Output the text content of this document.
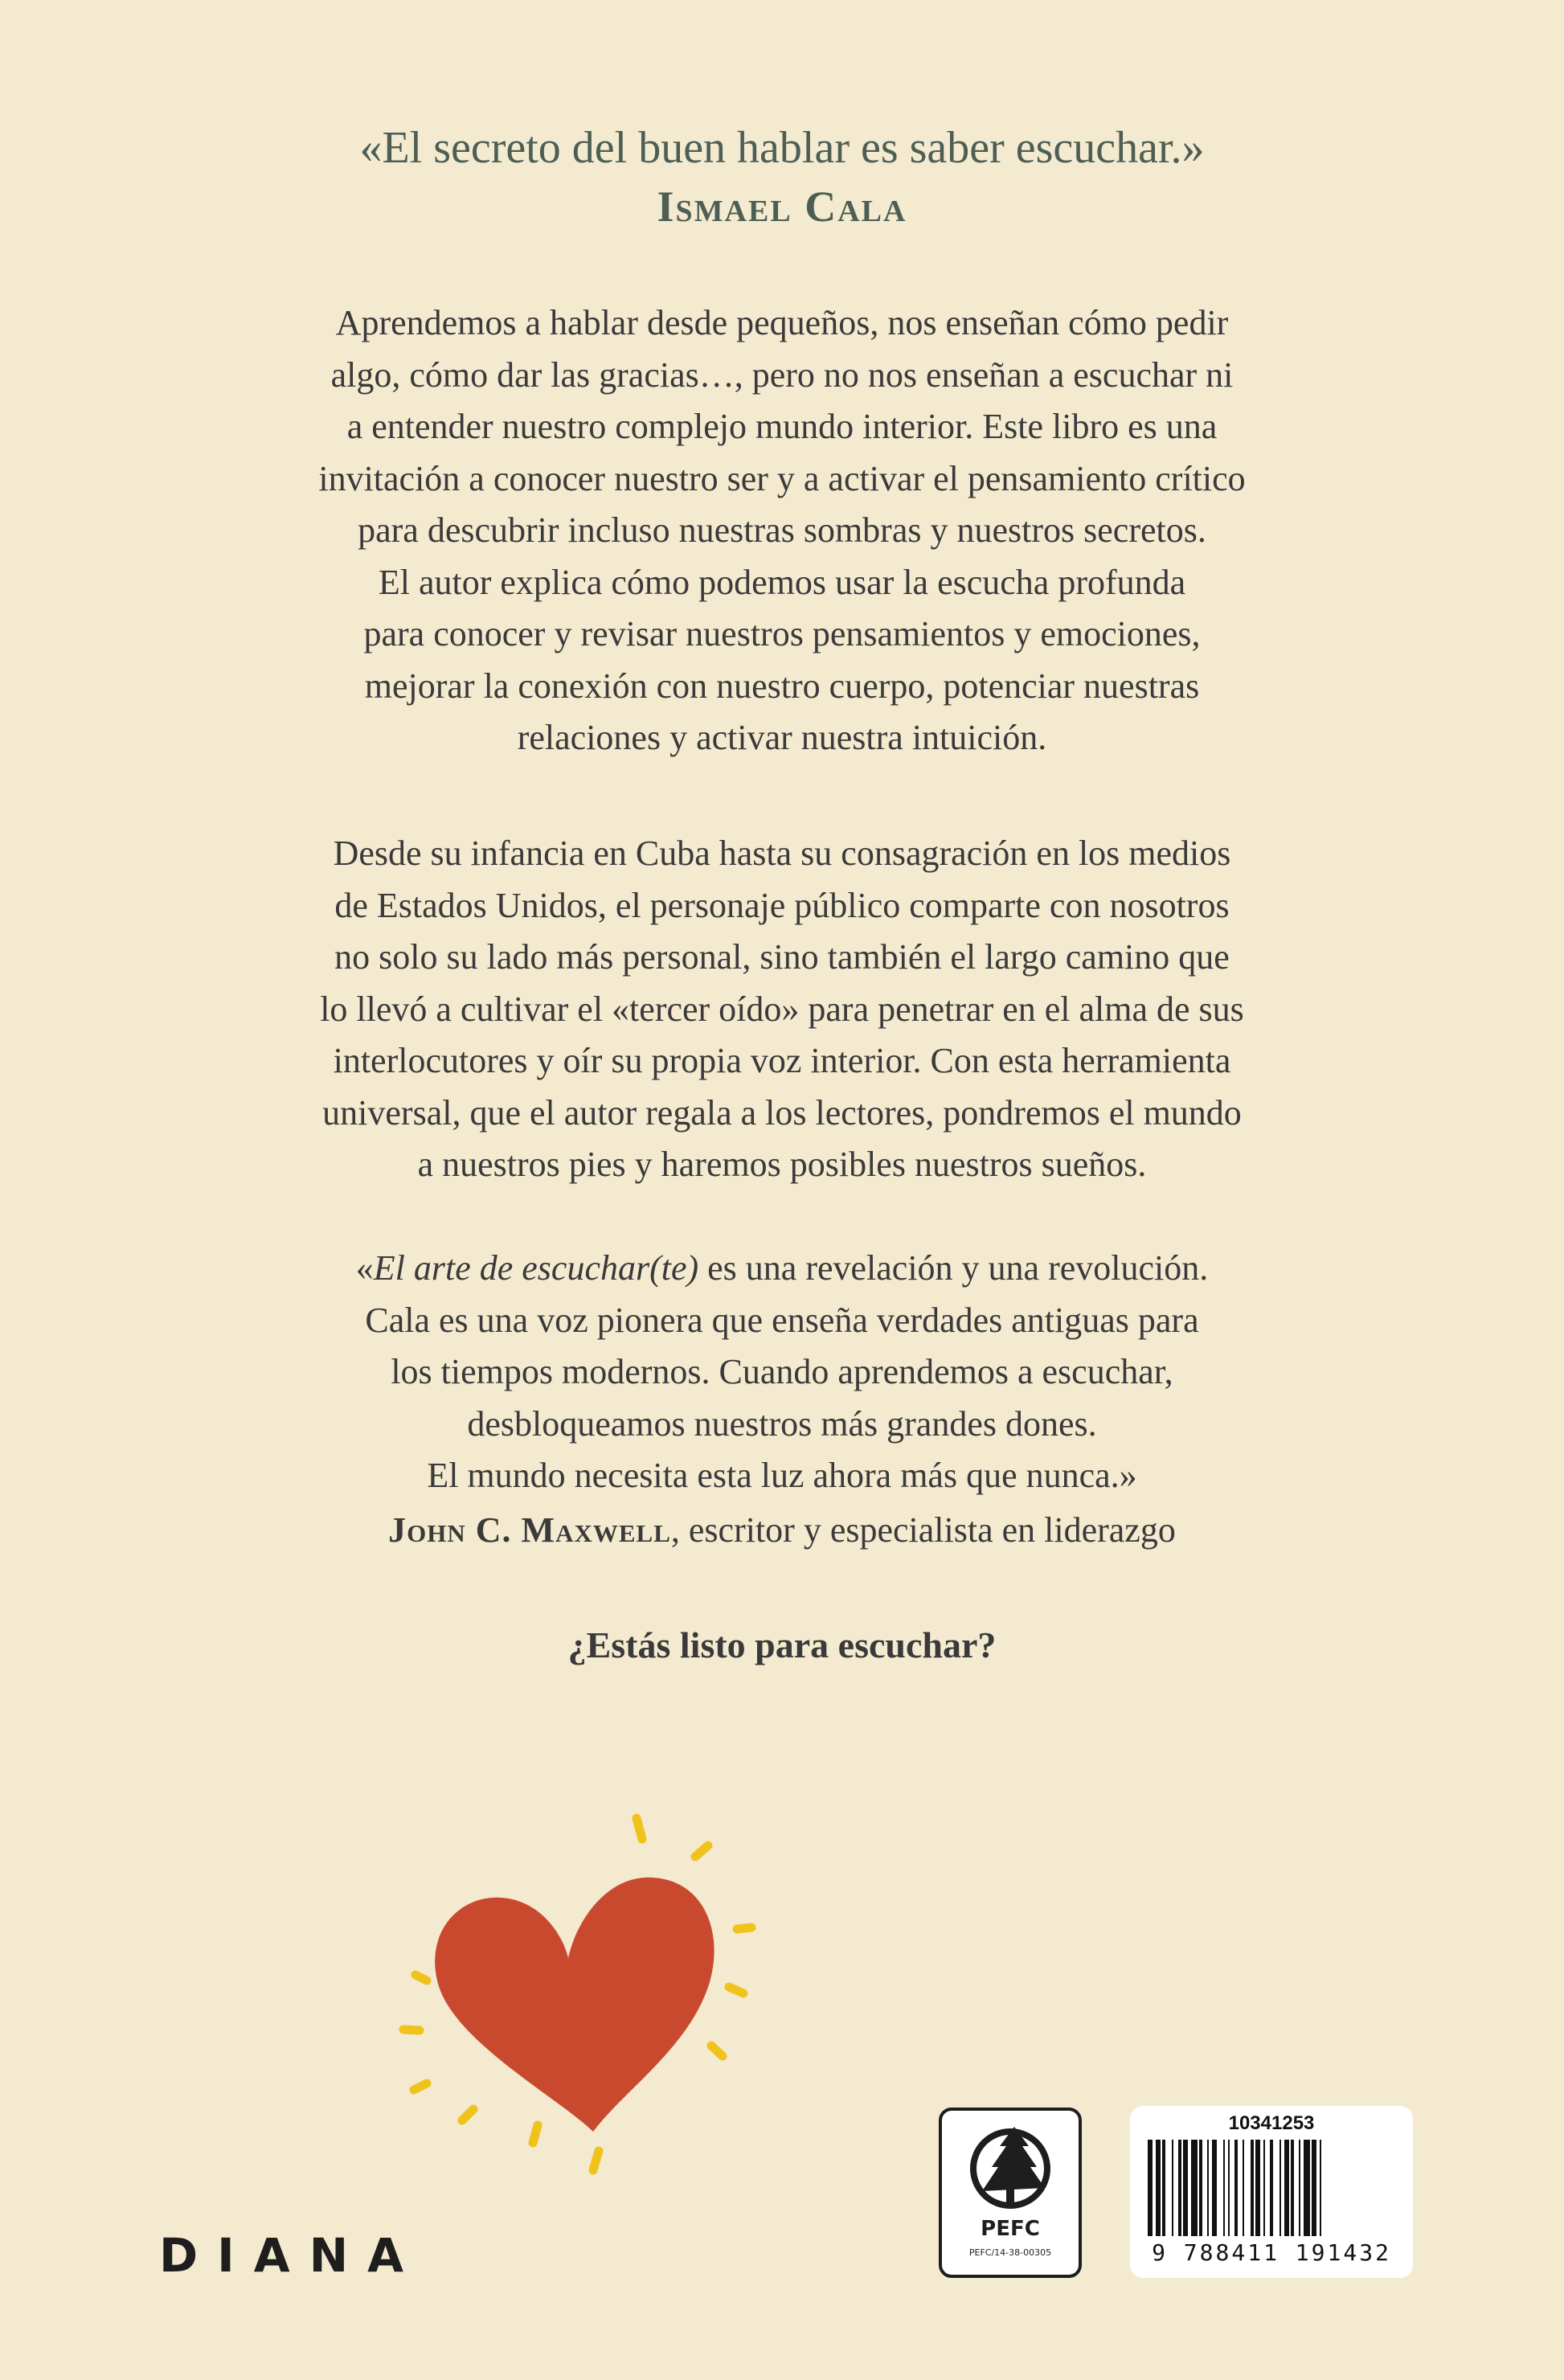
«El secreto del buen hablar es saber escuchar.»
Ismael Cala
Aprendemos a hablar desde pequeños, nos enseñan cómo pedir
algo, cómo dar las gracias…, pero no nos enseñan a escuchar ni
a entender nuestro complejo mundo interior. Este libro es una
invitación a conocer nuestro ser y a activar el pensamiento crítico
para descubrir incluso nuestras sombras y nuestros secretos.
El autor explica cómo podemos usar la escucha profunda
para conocer y revisar nuestros pensamientos y emociones,
mejorar la conexión con nuestro cuerpo, potenciar nuestras
relaciones y activar nuestra intuición.
Desde su infancia en Cuba hasta su consagración en los medios
de Estados Unidos, el personaje público comparte con nosotros
no solo su lado más personal, sino también el largo camino que
lo llevó a cultivar el «tercer oído» para penetrar en el alma de sus
interlocutores y oír su propia voz interior. Con esta herramienta
universal, que el autor regala a los lectores, pondremos el mundo
a nuestros pies y haremos posibles nuestros sueños.
«El arte de escuchar(te) es una revelación y una revolución.
Cala es una voz pionera que enseña verdades antiguas para
los tiempos modernos. Cuando aprendemos a escuchar,
desbloqueamos nuestros más grandes dones.
El mundo necesita esta luz ahora más que nunca.»
John C. Maxwell, escritor y especialista en liderazgo
¿Estás listo para escuchar?
DIANA	PEFC
PEFC/14-38-00305
10341253
9 788411 191432
